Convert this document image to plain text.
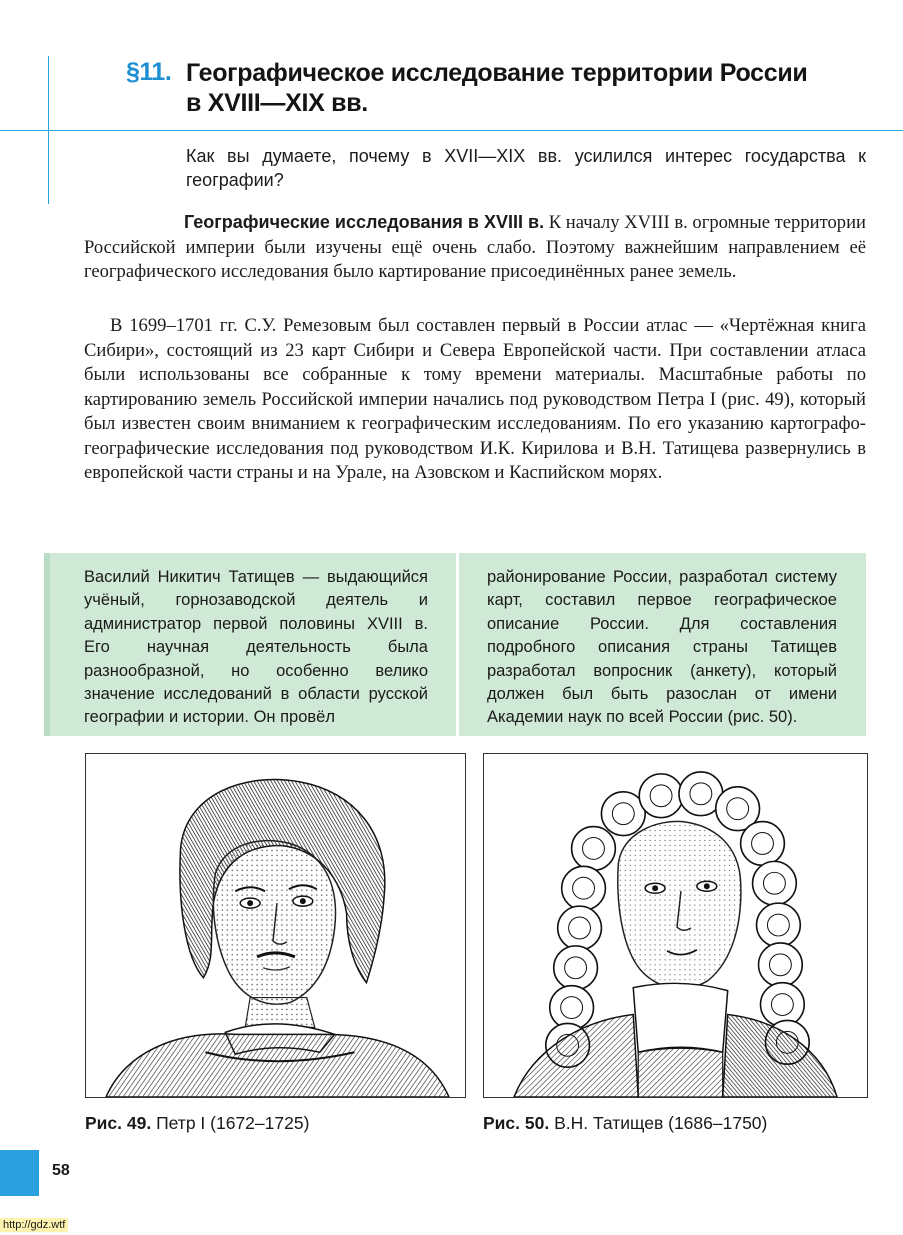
§11. Географическое исследование территории России
в XVIII—XIX вв.
Как вы думаете, почему в XVII—XIX вв. усилился интерес государства к географии?
Географические исследования в XVIII в. К началу XVIII в. огромные территории Российской империи были изучены ещё очень слабо. Поэтому важнейшим направлением её географического исследования было картирование присоединённых ранее земель.
В 1699–1701 гг. С.У. Ремезовым был составлен первый в России атлас — «Чертёжная книга Сибири», состоящий из 23 карт Сибири и Севера Европейской части. При составлении атласа были использованы все собранные к тому времени материалы. Масштабные работы по картированию земель Российской империи начались под руководством Петра I (рис. 49), который был известен своим вниманием к географическим исследованиям. По его указанию картографо-географические исследования под руководством И.К. Кирилова и В.Н. Татищева развернулись в европейской части страны и на Урале, на Азовском и Каспийском морях.
Василий Никитич Татищев — выдающийся учёный, горнозаводской деятель и администратор первой половины XVIII в. Его научная деятельность была разнообразной, но особенно велико значение исследований в области русской географии и истории. Он провёл
районирование России, разработал систему карт, составил первое географическое описание России. Для составления подробного описания страны Татищев разработал вопросник (анкету), который должен был быть разослан от имени Академии наук по всей России (рис. 50).
Рис. 49. Петр I (1672–1725)	Рис. 50. В.Н. Татищев (1686–1750)
58
http://gdz.wtf
